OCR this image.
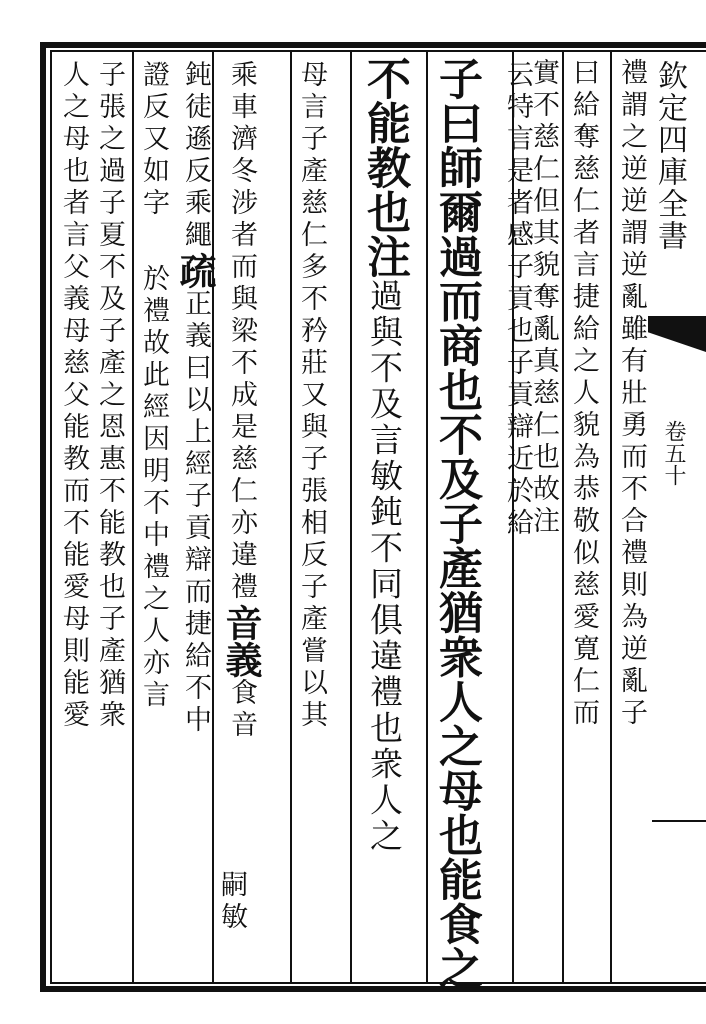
欽定四庫全書
卷五十
禮謂之逆逆謂逆亂雖有壯勇而不合禮則為逆亂子
曰給奪慈仁者言捷給之人貌為恭敬似慈愛寛仁而
實不慈仁但其貌奪亂真慈仁也故注
云特言是者感子貢也子貢辯近於給
子曰師爾過而商也不及子產猶衆人之母也能食之
不能教也注過與不及言敏鈍不同俱違禮也衆人之
母言子產慈仁多不矜莊又與子張相反子產嘗以其
乘車濟冬涉者而與梁不成是慈仁亦違禮音義食音
嗣敏
鈍徒遜反乘繩疏正義曰以上經子貢辯而捷給不中
證反又如字於禮故此經因明不中禮之人亦言
子張之過子夏不及子產之恩惠不能教也子產猶衆
人之母也者言父義母慈父能教而不能愛母則能愛
